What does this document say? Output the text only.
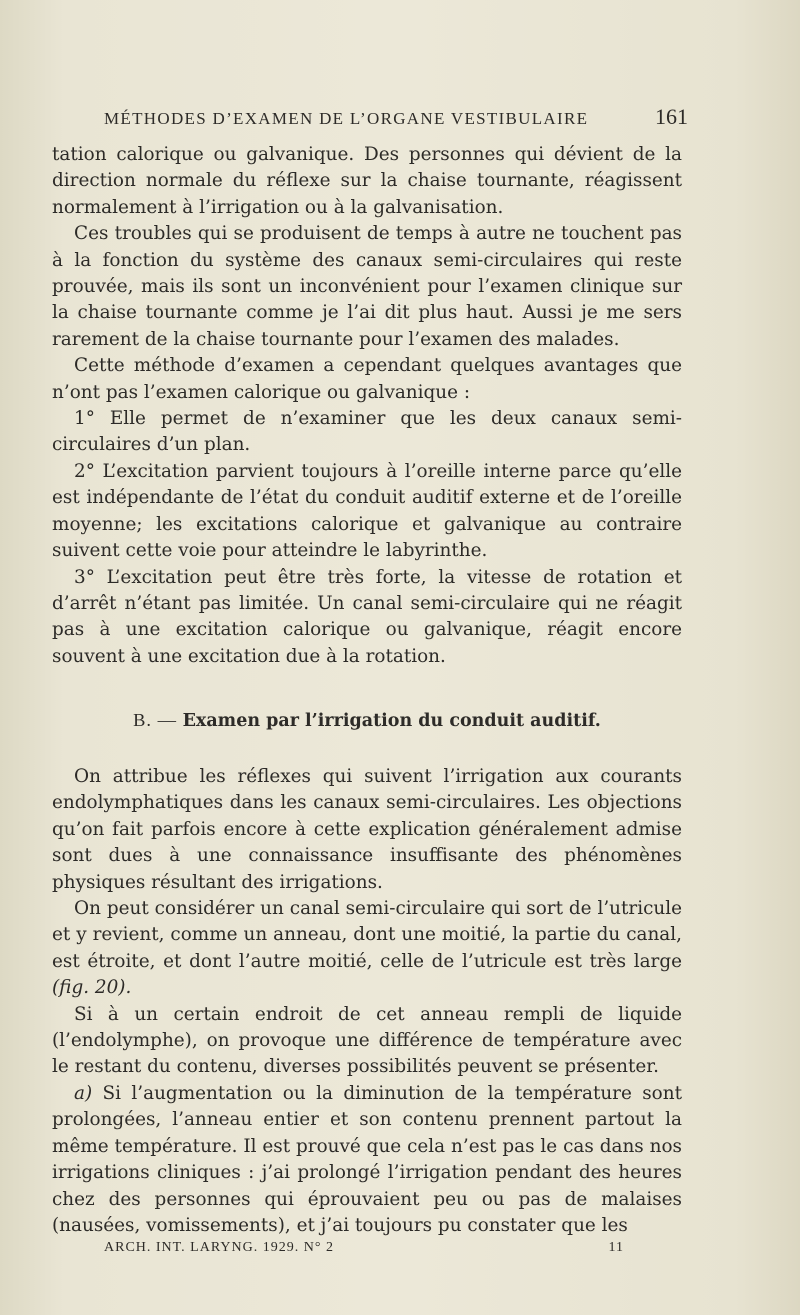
MÉTHODES D’EXAMEN DE L’ORGANE VESTIBULAIRE	161

tation calorique ou galvanique. Des personnes qui dévient de la direction normale du réflexe sur la chaise tournante, réagissent normalement à l’irrigation ou à la galvanisation.

Ces troubles qui se produisent de temps à autre ne touchent pas à la fonction du système des canaux semi-circulaires qui reste prouvée, mais ils sont un inconvénient pour l’examen clinique sur la chaise tournante comme je l’ai dit plus haut. Aussi je me sers rarement de la chaise tournante pour l’examen des malades.

Cette méthode d’examen a cependant quelques avantages que n’ont pas l’examen calorique ou galvanique :

1° Elle permet de n’examiner que les deux canaux semi-circulaires d’un plan.

2° L’excitation parvient toujours à l’oreille interne parce qu’elle est indépendante de l’état du conduit auditif externe et de l’oreille moyenne; les excitations calorique et galvanique au contraire suivent cette voie pour atteindre le labyrinthe.

3° L’excitation peut être très forte, la vitesse de rotation et d’arrêt n’étant pas limitée. Un canal semi-circulaire qui ne réagit pas à une excitation calorique ou galvanique, réagit encore souvent à une excitation due à la rotation.

B. — Examen par l’irrigation du conduit auditif.

On attribue les réflexes qui suivent l’irrigation aux courants endolymphatiques dans les canaux semi-circulaires. Les objections qu’on fait parfois encore à cette explication généralement admise sont dues à une connaissance insuffisante des phénomènes physiques résultant des irrigations.

On peut considérer un canal semi-circulaire qui sort de l’utricule et y revient, comme un anneau, dont une moitié, la partie du canal, est étroite, et dont l’autre moitié, celle de l’utricule est très large (fig. 20).

Si à un certain endroit de cet anneau rempli de liquide (l’endolymphe), on provoque une différence de température avec le restant du contenu, diverses possibilités peuvent se présenter.

a) Si l’augmentation ou la diminution de la température sont prolongées, l’anneau entier et son contenu prennent partout la même température. Il est prouvé que cela n’est pas le cas dans nos irrigations cliniques : j’ai prolongé l’irrigation pendant des heures chez des personnes qui éprouvaient peu ou pas de malaises (nausées, vomissements), et j’ai toujours pu constater que les

ARCH. INT. LARYNG. 1929. N° 2	11
